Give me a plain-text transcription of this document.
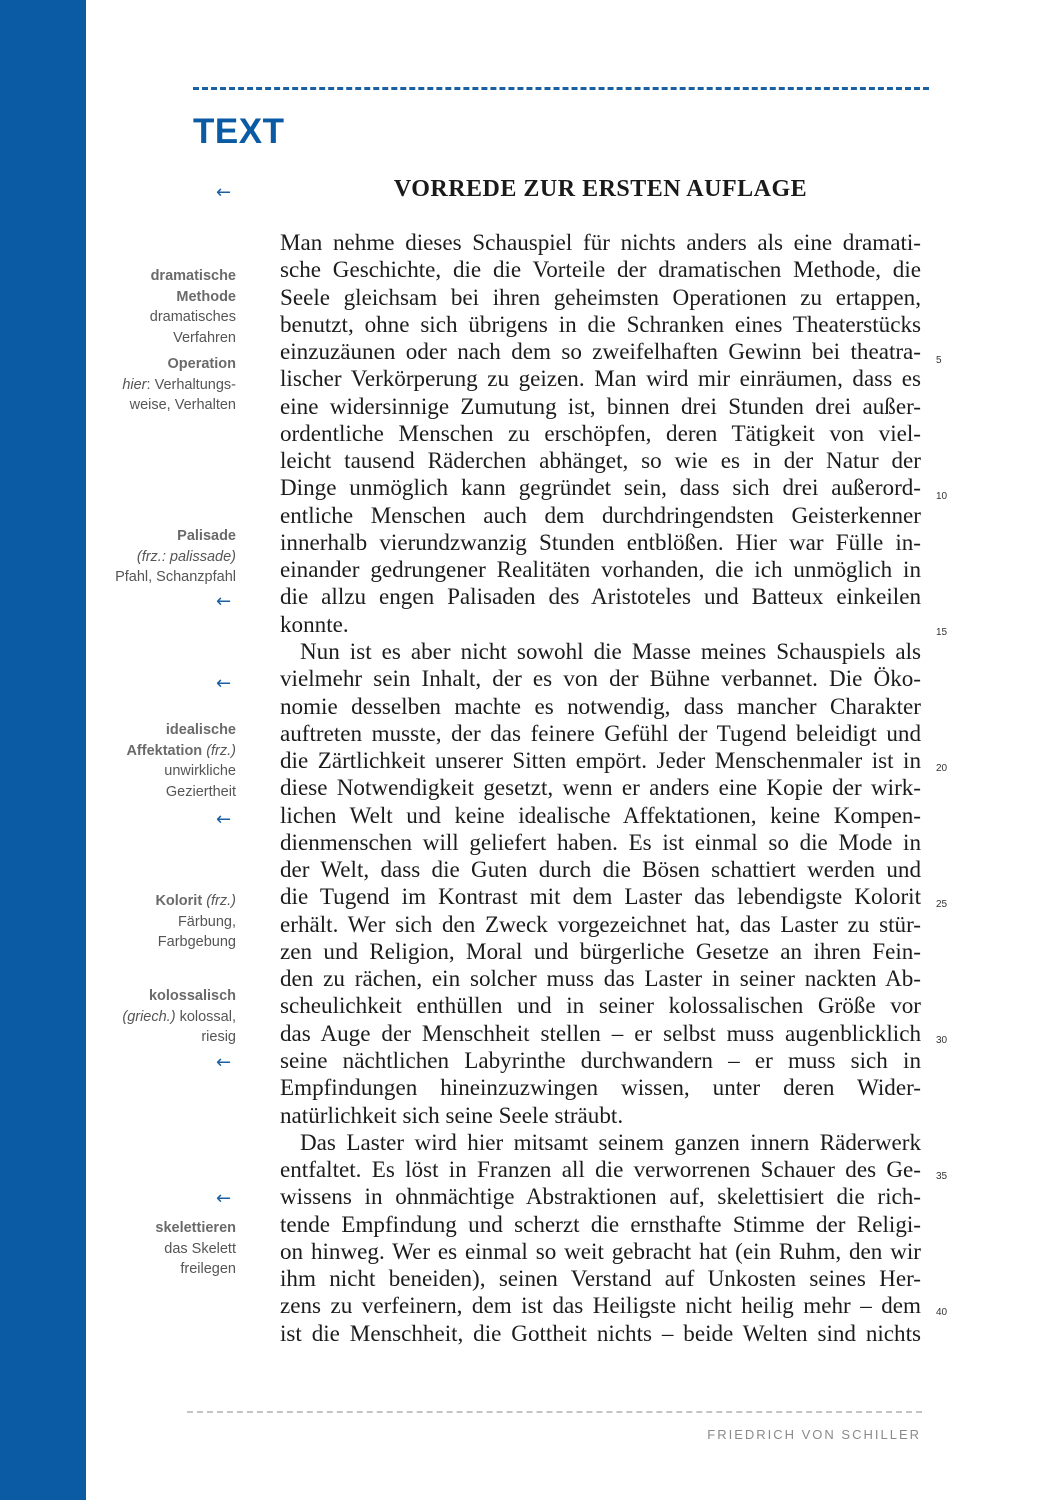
TEXT
←	VORREDE ZUR ERSTEN AUFLAGE
dramatische
Methode
dramatisches
Verfahren
Operation
hier: Verhaltungs-
weise, Verhalten
Palisade
(frz.: palissade)
Pfahl, Schanzpfahl
←
←
idealische
Affektation (frz.)
unwirkliche
Geziertheit
←
Kolorit (frz.)
Färbung,
Farbgebung
kolossalisch
(griech.) kolossal,
riesig
←
←
skelettieren
das Skelett
freilegen
Man nehme dieses Schauspiel für nichts anders als eine dramati-
sche Geschichte, die die Vorteile der dramatischen Methode, die
Seele gleichsam bei ihren geheimsten Operationen zu ertappen,
benutzt, ohne sich übrigens in die Schranken eines Theaterstücks
einzuzäunen oder nach dem so zweifelhaften Gewinn bei theatra-
lischer Verkörperung zu geizen. Man wird mir einräumen, dass es
eine widersinnige Zumutung ist, binnen drei Stunden drei außer-
ordentliche Menschen zu erschöpfen, deren Tätigkeit von viel-
leicht tausend Räderchen abhänget, so wie es in der Natur der
Dinge unmöglich kann gegründet sein, dass sich drei außerord-
entliche Menschen auch dem durchdringendsten Geisterkenner
innerhalb vierundzwanzig Stunden entblößen. Hier war Fülle in-
einander gedrungener Realitäten vorhanden, die ich unmöglich in
die allzu engen Palisaden des Aristoteles und Batteux einkeilen
konnte.
Nun ist es aber nicht sowohl die Masse meines Schauspiels als
vielmehr sein Inhalt, der es von der Bühne verbannet. Die Öko-
nomie desselben machte es notwendig, dass mancher Charakter
auftreten musste, der das feinere Gefühl der Tugend beleidigt und
die Zärtlichkeit unserer Sitten empört. Jeder Menschenmaler ist in
diese Notwendigkeit gesetzt, wenn er anders eine Kopie der wirk-
lichen Welt und keine idealische Affektationen, keine Kompen-
dienmenschen will geliefert haben. Es ist einmal so die Mode in
der Welt, dass die Guten durch die Bösen schattiert werden und
die Tugend im Kontrast mit dem Laster das lebendigste Kolorit
erhält. Wer sich den Zweck vorgezeichnet hat, das Laster zu stür-
zen und Religion, Moral und bürgerliche Gesetze an ihren Fein-
den zu rächen, ein solcher muss das Laster in seiner nackten Ab-
scheulichkeit enthüllen und in seiner kolossalischen Größe vor
das Auge der Menschheit stellen – er selbst muss augenblicklich
seine nächtlichen Labyrinthe durchwandern – er muss sich in
Empfindungen hineinzuzwingen wissen, unter deren Wider-
natürlichkeit sich seine Seele sträubt.
Das Laster wird hier mitsamt seinem ganzen innern Räderwerk
entfaltet. Es löst in Franzen all die verworrenen Schauer des Ge-
wissens in ohnmächtige Abstraktionen auf, skelettisiert die rich-
tende Empfindung und scherzt die ernsthafte Stimme der Religi-
on hinweg. Wer es einmal so weit gebracht hat (ein Ruhm, den wir
ihm nicht beneiden), seinen Verstand auf Unkosten seines Her-
zens zu verfeinern, dem ist das Heiligste nicht heilig mehr – dem
ist die Menschheit, die Gottheit nichts – beide Welten sind nichts
5
10
15
20
25
30
35
40
FRIEDRICH VON SCHILLER
